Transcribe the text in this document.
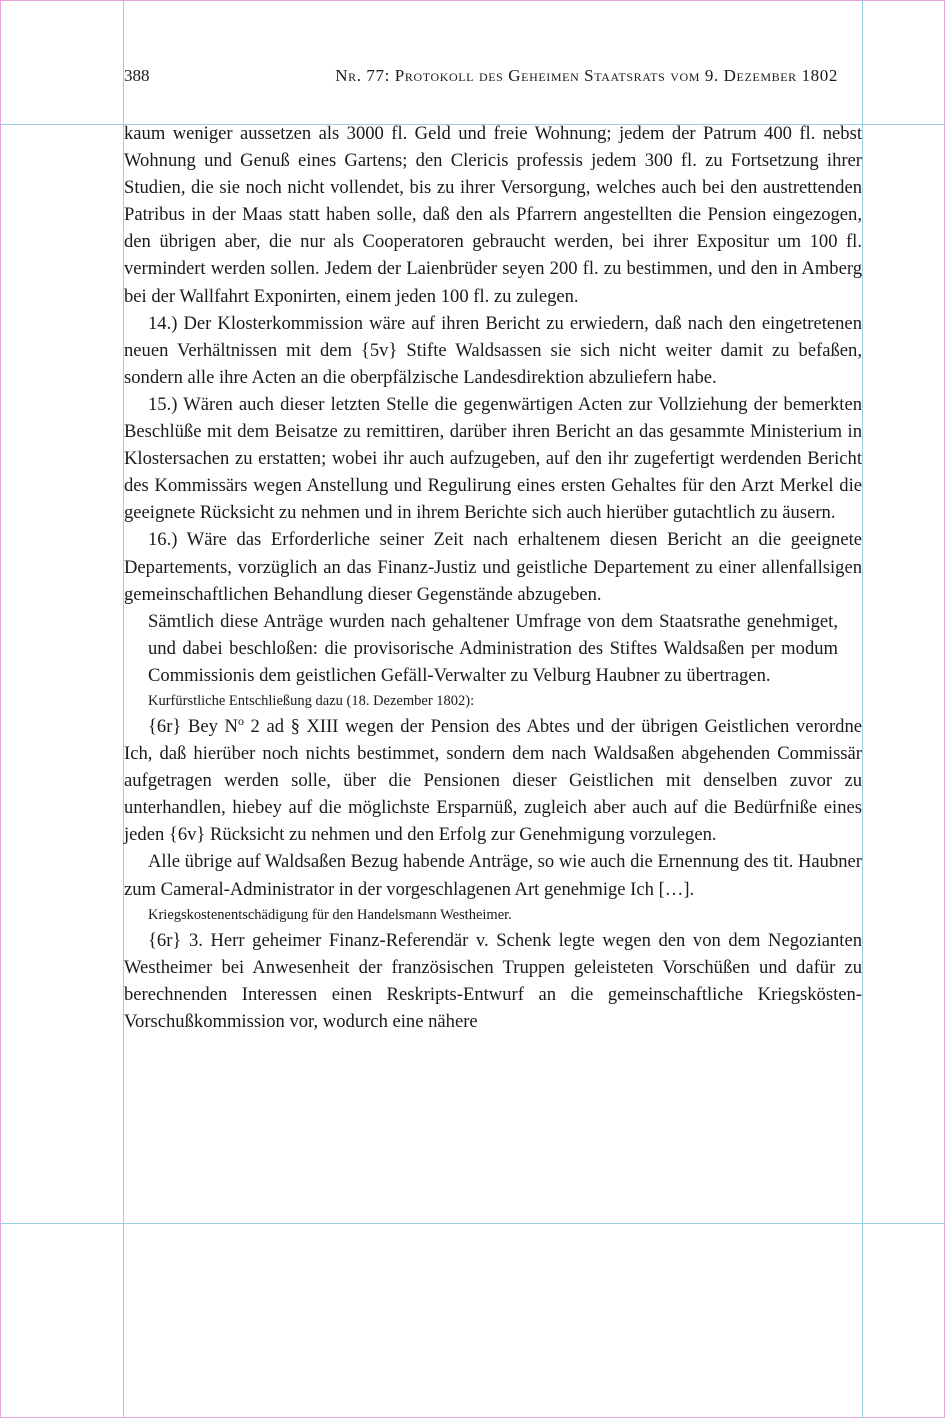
388	Nr. 77: Protokoll des Geheimen Staatsrats vom 9. Dezember 1802

kaum weniger aussetzen als 3000 fl. Geld und freie Wohnung; jedem der Patrum 400 fl. nebst Wohnung und Genuß eines Gartens; den Clericis professis jedem 300 fl. zu Fortsetzung ihrer Studien, die sie noch nicht vollendet, bis zu ihrer Versorgung, welches auch bei den austrettenden Patribus in der Maas statt haben solle, daß den als Pfarrern angestellten die Pension eingezogen, den übrigen aber, die nur als Cooperatoren gebraucht werden, bei ihrer Expositur um 100 fl. vermindert werden sollen. Jedem der Laienbrüder seyen 200 fl. zu bestimmen, und den in Amberg bei der Wallfahrt Exponirten, einem jeden 100 fl. zu zulegen.

14.) Der Klosterkommission wäre auf ihren Bericht zu erwiedern, daß nach den eingetretenen neuen Verhältnissen mit dem {5v} Stifte Waldsassen sie sich nicht weiter damit zu befaßen, sondern alle ihre Acten an die oberpfälzische Landesdirektion abzuliefern habe.

15.) Wären auch dieser letzten Stelle die gegenwärtigen Acten zur Vollziehung der bemerkten Beschlüße mit dem Beisatze zu remittiren, darüber ihren Bericht an das gesammte Ministerium in Klostersachen zu erstatten; wobei ihr auch aufzugeben, auf den ihr zugefertigt werdenden Bericht des Kommissärs wegen Anstellung und Regulirung eines ersten Gehaltes für den Arzt Merkel die geeignete Rücksicht zu nehmen und in ihrem Berichte sich auch hierüber gutachtlich zu äusern.

16.) Wäre das Erforderliche seiner Zeit nach erhaltenem diesen Bericht an die geeignete Departements, vorzüglich an das Finanz-Justiz und geistliche Departement zu einer allenfallsigen gemeinschaftlichen Behandlung dieser Gegenstände abzugeben.

Sämtlich diese Anträge wurden nach gehaltener Umfrage von dem Staatsrathe genehmiget, und dabei beschloßen: die provisorische Administration des Stiftes Waldsaßen per modum Commissionis dem geistlichen Gefäll-Verwalter zu Velburg Haubner zu übertragen.

Kurfürstliche Entschließung dazu (18. Dezember 1802):

{6r} Bey $N^o$ 2 ad § XIII wegen der Pension des Abtes und der übrigen Geistlichen verordne Ich, daß hierüber noch nichts bestimmet, sondern dem nach Waldsaßen abgehenden Commissär aufgetragen werden solle, über die Pensionen dieser Geistlichen mit denselben zuvor zu unterhandlen, hiebey auf die möglichste Ersparnüß, zugleich aber auch auf die Bedürfniße eines jeden {6v} Rücksicht zu nehmen und den Erfolg zur Genehmigung vorzulegen.

Alle übrige auf Waldsaßen Bezug habende Anträge, so wie auch die Ernennung des tit. Haubner zum Cameral-Administrator in der vorgeschlagenen Art genehmige Ich […].

Kriegskostenentschädigung für den Handelsmann Westheimer.

{6r} 3. Herr geheimer Finanz-Referendär v. Schenk legte wegen den von dem Negozianten Westheimer bei Anwesenheit der französischen Truppen geleisteten Vorschüßen und dafür zu berechnenden Interessen einen Reskripts-Entwurf an die gemeinschaftliche Kriegskösten-Vorschußkommission vor, wodurch eine nähere
